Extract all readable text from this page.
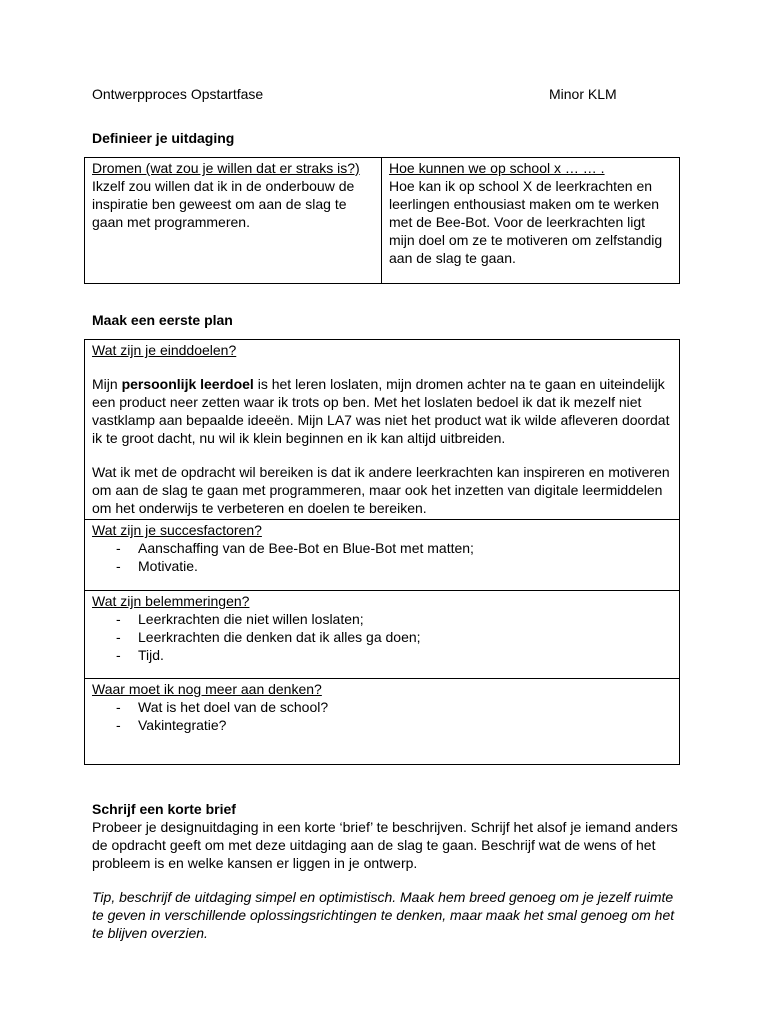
Ontwerpproces Opstartfase	Minor KLM
Definieer je uitdaging
Dromen (wat zou je willen dat er straks is?)
Ikzelf zou willen dat ik in de onderbouw de inspiratie ben geweest om aan de slag te gaan met programmeren.

Hoe kunnen we op school x … … .
Hoe kan ik op school X de leerkrachten en leerlingen enthousiast maken om te werken met de Bee-Bot. Voor de leerkrachten ligt mijn doel om ze te motiveren om zelfstandig aan de slag te gaan.
Maak een eerste plan
Wat zijn je einddoelen?

Mijn persoonlijk leerdoel is het leren loslaten, mijn dromen achter na te gaan en uiteindelijk een product neer zetten waar ik trots op ben. Met het loslaten bedoel ik dat ik mezelf niet vastklamp aan bepaalde ideeën. Mijn LA7 was niet het product wat ik wilde afleveren doordat ik te groot dacht, nu wil ik klein beginnen en ik kan altijd uitbreiden.

Wat ik met de opdracht wil bereiken is dat ik andere leerkrachten kan inspireren en motiveren om aan de slag te gaan met programmeren, maar ook het inzetten van digitale leermiddelen om het onderwijs te verbeteren en doelen te bereiken.

Wat zijn je succesfactoren?
- Aanschaffing van de Bee-Bot en Blue-Bot met matten;
- Motivatie.

Wat zijn belemmeringen?
- Leerkrachten die niet willen loslaten;
- Leerkrachten die denken dat ik alles ga doen;
- Tijd.

Waar moet ik nog meer aan denken?
- Wat is het doel van de school?
- Vakintegratie?

Schrijf een korte brief

Probeer je designuitdaging in een korte ‘brief’ te beschrijven. Schrijf het alsof je iemand anders de opdracht geeft om met deze uitdaging aan de slag te gaan. Beschrijf wat de wens of het probleem is en welke kansen er liggen in je ontwerp.

Tip, beschrijf de uitdaging simpel en optimistisch. Maak hem breed genoeg om je jezelf ruimte te geven in verschillende oplossingsrichtingen te denken, maar maak het smal genoeg om het te blijven overzien.
